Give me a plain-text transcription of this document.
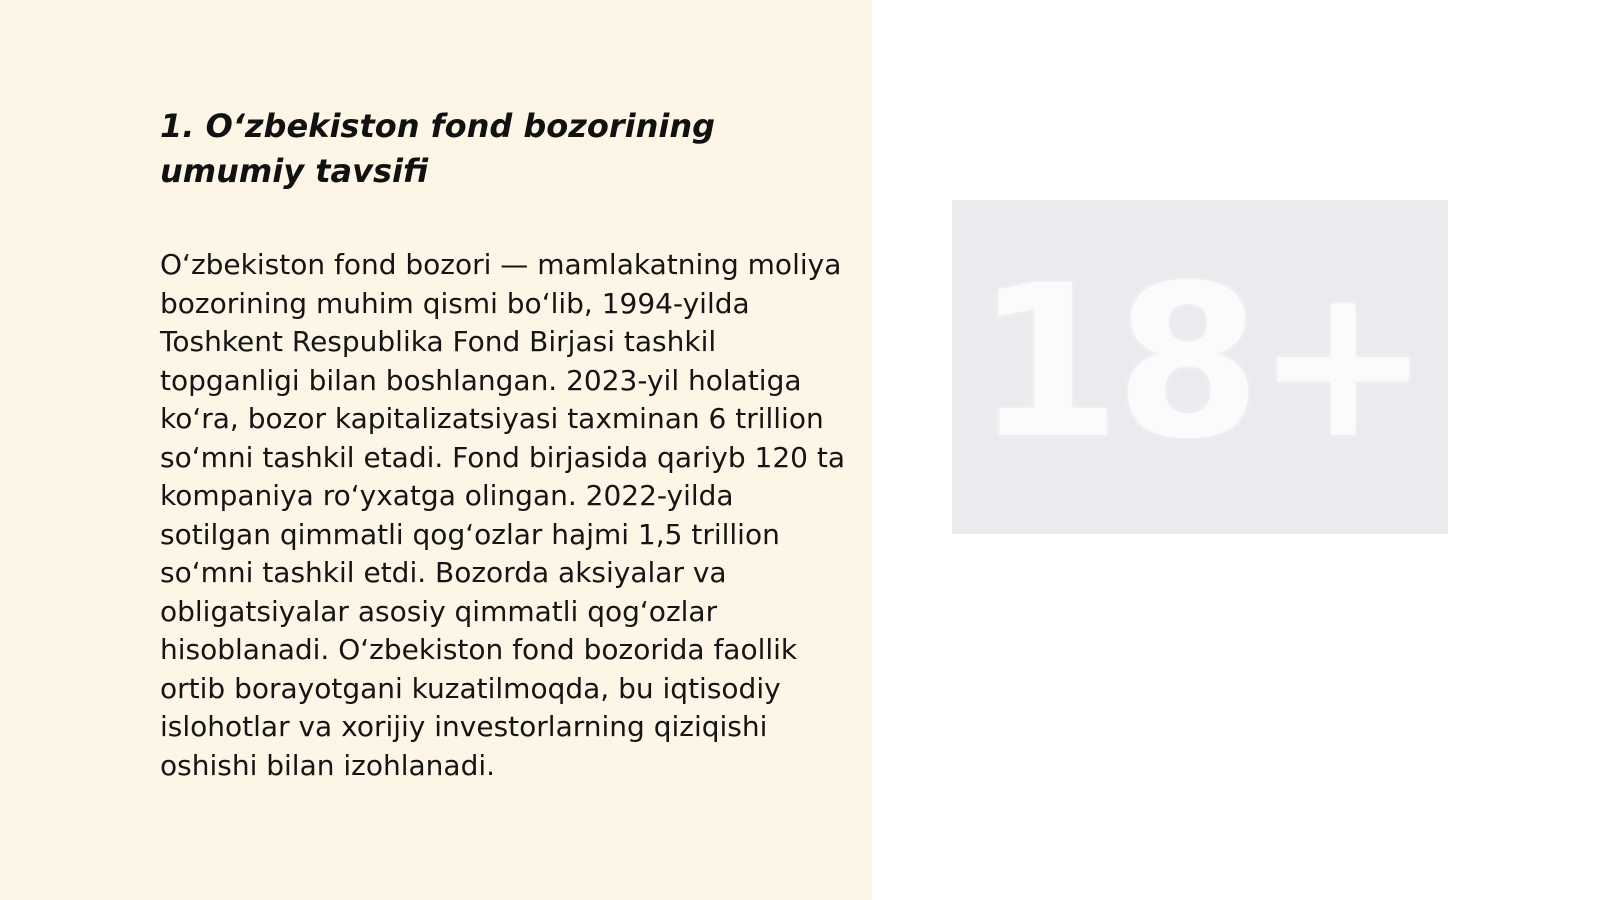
1. O‘zbekiston fond bozorining umumiy tavsifi

O‘zbekiston fond bozori — mamlakatning moliya bozorining muhim qismi bo‘lib, 1994-yilda Toshkent Respublika Fond Birjasi tashkil topganligi bilan boshlangan. 2023-yil holatiga ko‘ra, bozor kapitalizatsiyasi taxminan 6 trillion so‘mni tashkil etadi. Fond birjasida qariyb 120 ta kompaniya ro‘yxatga olingan. 2022-yilda sotilgan qimmatli qog‘ozlar hajmi 1,5 trillion so‘mni tashkil etdi. Bozorda aksiyalar va obligatsiyalar asosiy qimmatli qog‘ozlar hisoblanadi. O‘zbekiston fond bozorida faollik ortib borayotgani kuzatilmoqda, bu iqtisodiy islohotlar va xorijiy investorlarning qiziqishi oshishi bilan izohlanadi.

18+
